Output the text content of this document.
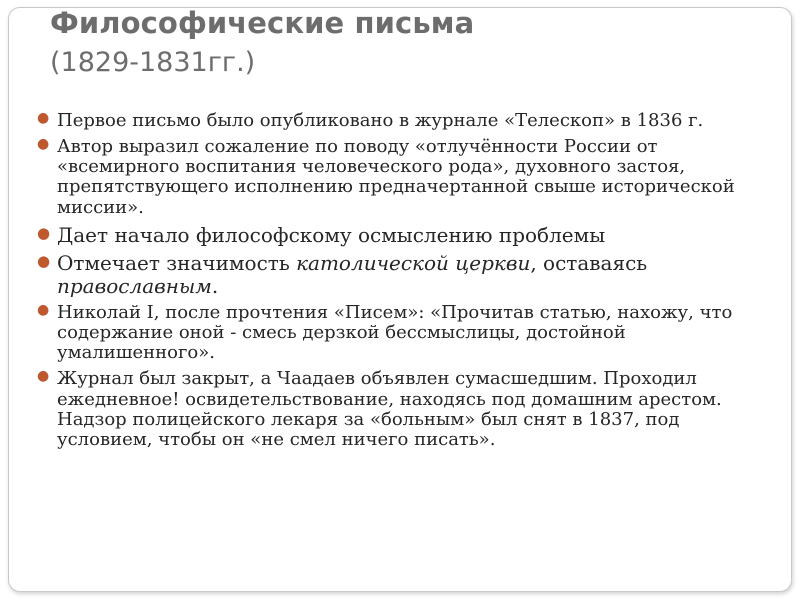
Философические письма
(1829-1831гг.)
● Первое письмо было опубликовано в журнале «Телескоп» в 1836 г.
● Автор выразил сожаление по поводу «отлучённости России от «всемирного воспитания человеческого рода», духовного застоя, препятствующего исполнению предначертанной свыше исторической миссии».
● Дает начало философскому осмыслению проблемы
● Отмечает значимость католической церкви, оставаясь православным.
● Николай I, после прочтения «Писем»: «Прочитав статью, нахожу, что содержание оной - смесь дерзкой бессмыслицы, достойной умалишенного».
● Журнал был закрыт, а Чаадаев объявлен сумасшедшим. Проходил ежедневное! освидетельствование, находясь под домашним арестом. Надзор полицейского лекаря за «больным» был снят в 1837, под условием, чтобы он «не смел ничего писать».
